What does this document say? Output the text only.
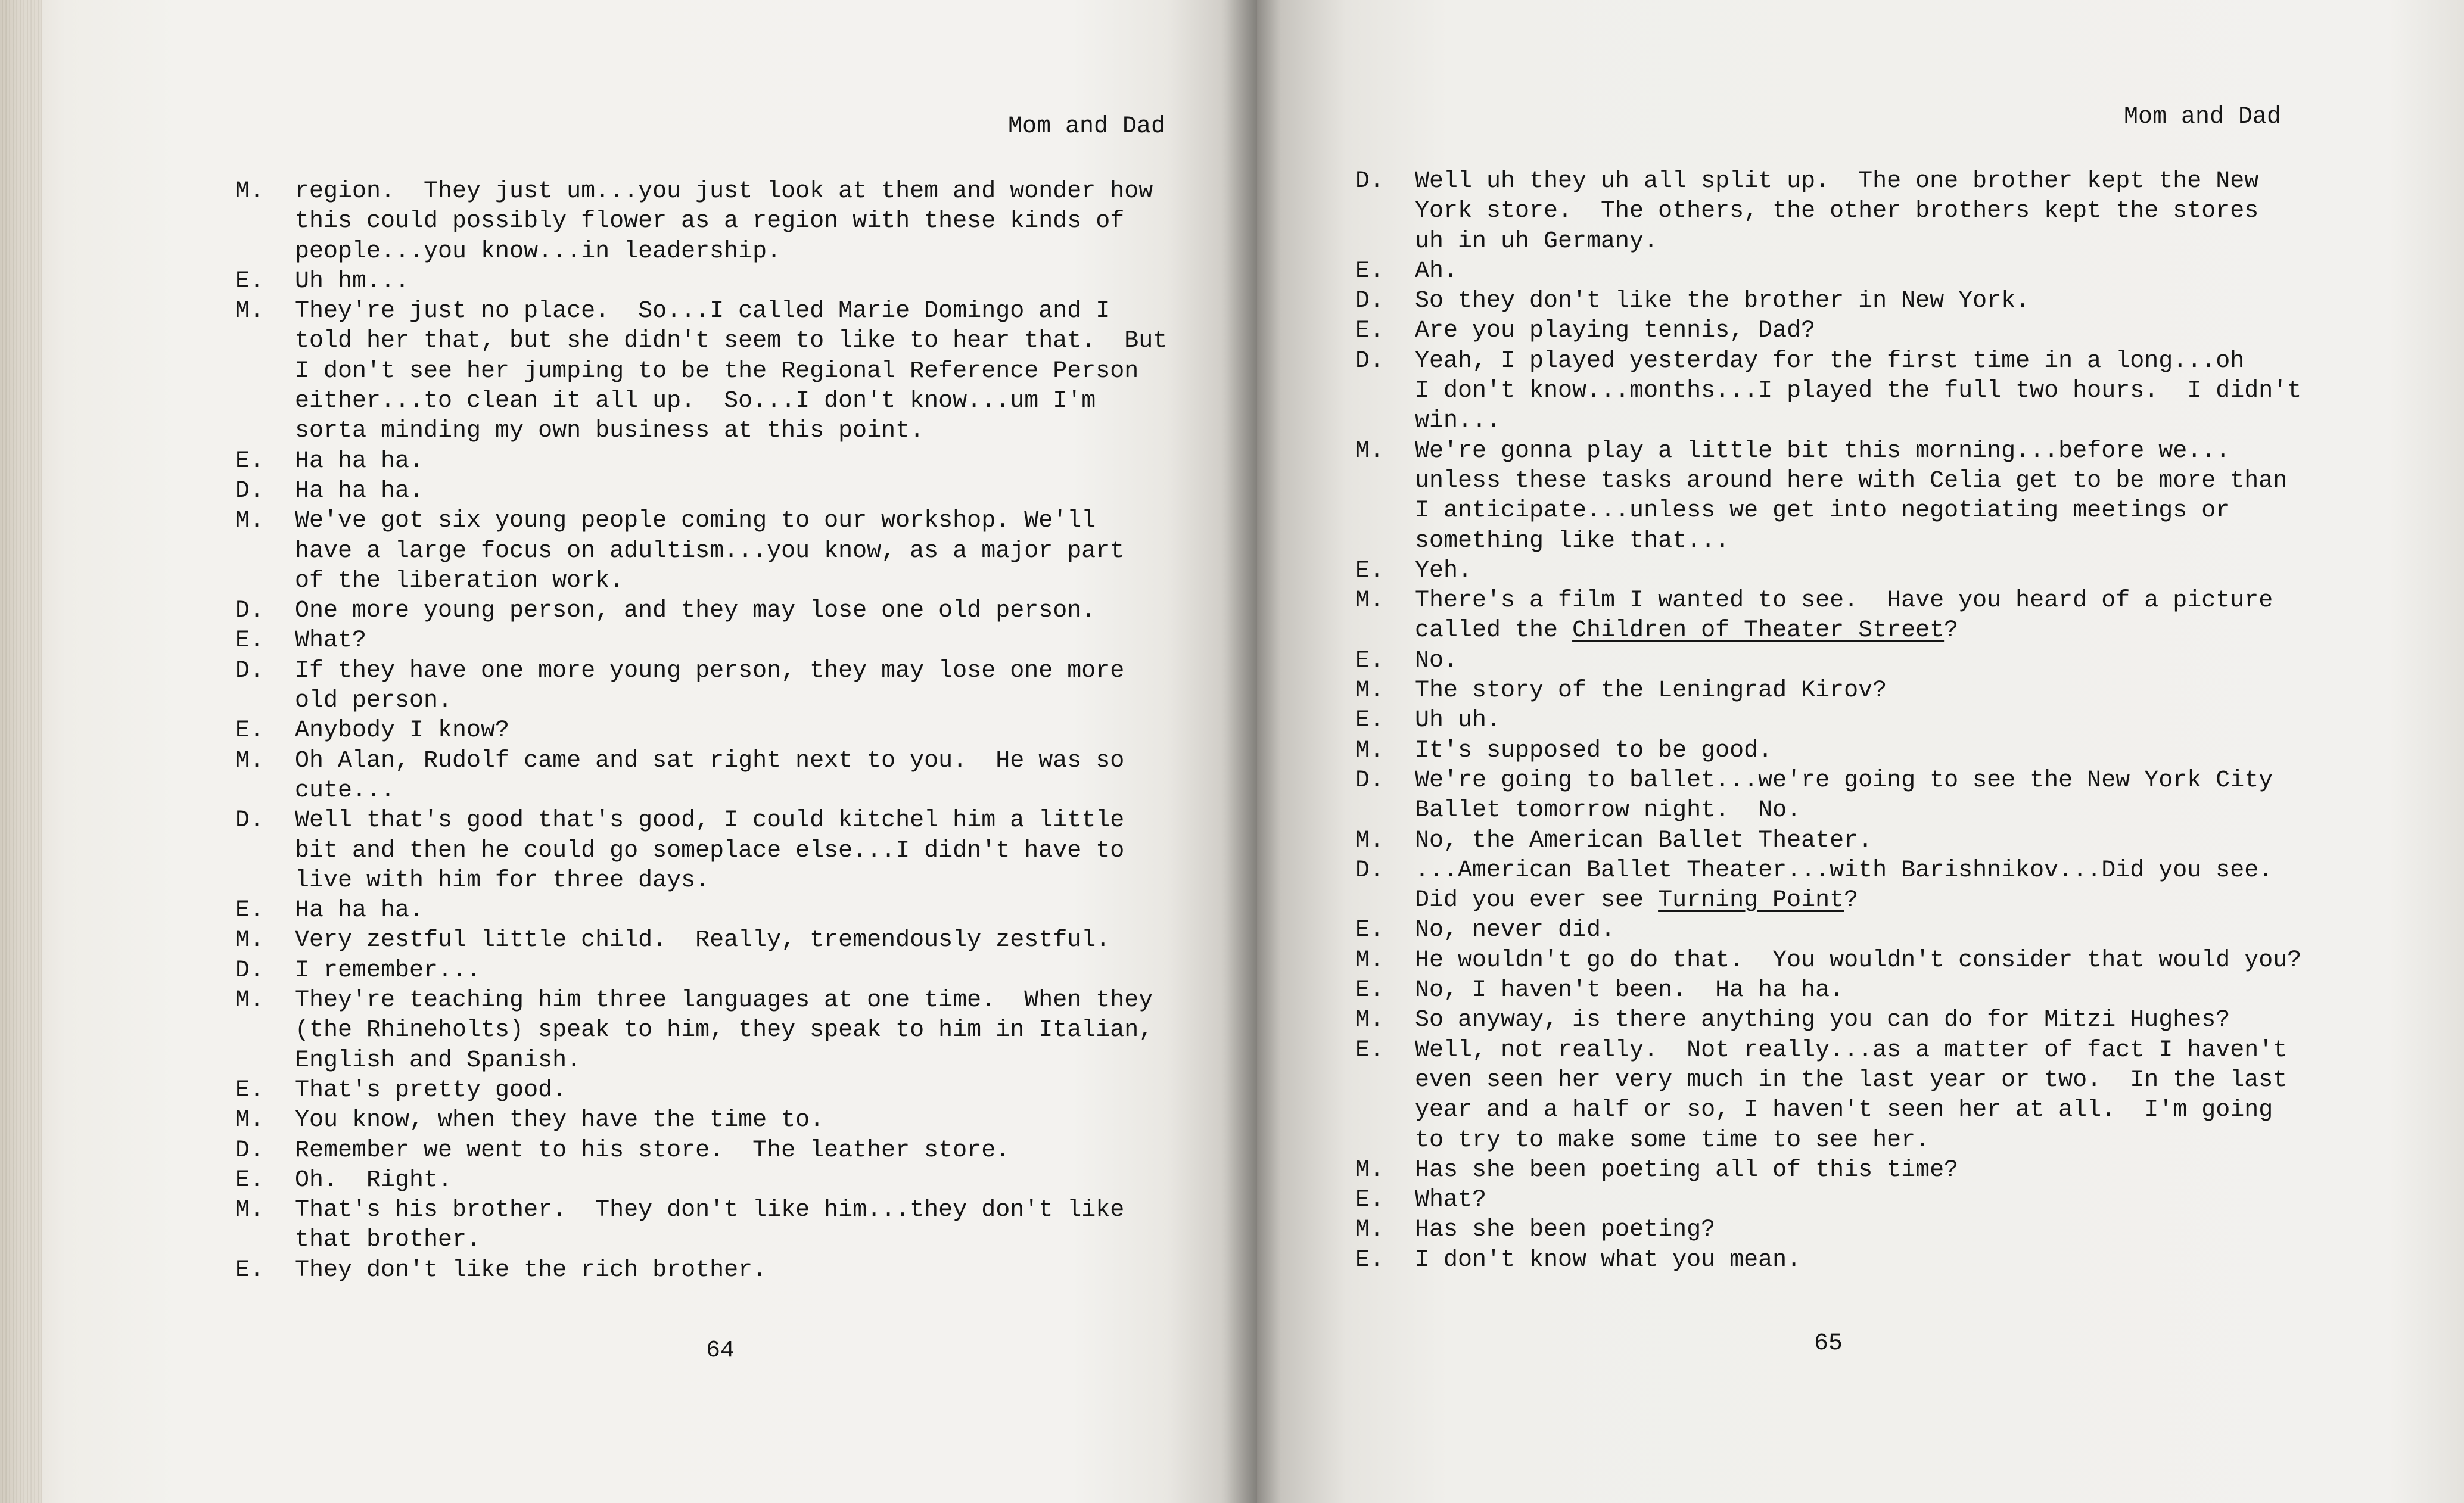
Mom and Dad
M. region.  They just um...you just look at them and wonder how
this could possibly flower as a region with these kinds of
people...you know...in leadership.
E. Uh hm...
M. They're just no place.  So...I called Marie Domingo and I
told her that, but she didn't seem to like to hear that.  But
I don't see her jumping to be the Regional Reference Person
either...to clean it all up.  So...I don't know...um I'm
sorta minding my own business at this point.
E. Ha ha ha.
D. Ha ha ha.
M. We've got six young people coming to our workshop. We'll
have a large focus on adultism...you know, as a major part
of the liberation work.
D. One more young person, and they may lose one old person.
E. What?
D. If they have one more young person, they may lose one more
old person.
E. Anybody I know?
M. Oh Alan, Rudolf came and sat right next to you.  He was so
cute...
D. Well that's good that's good, I could kitchel him a little
bit and then he could go someplace else...I didn't have to
live with him for three days.
E. Ha ha ha.
M. Very zestful little child.  Really, tremendously zestful.
D. I remember...
M. They're teaching him three languages at one time.  When they
(the Rhineholts) speak to him, they speak to him in Italian,
English and Spanish.
E. That's pretty good.
M. You know, when they have the time to.
D. Remember we went to his store.  The leather store.
E. Oh.  Right.
M. That's his brother.  They don't like him...they don't like
that brother.
E. They don't like the rich brother.
64
Mom and Dad
D. Well uh they uh all split up.  The one brother kept the New
York store.  The others, the other brothers kept the stores
uh in uh Germany.
E. Ah.
D. So they don't like the brother in New York.
E. Are you playing tennis, Dad?
D. Yeah, I played yesterday for the first time in a long...oh
I don't know...months...I played the full two hours.  I didn't
win...
M. We're gonna play a little bit this morning...before we...
unless these tasks around here with Celia get to be more than
I anticipate...unless we get into negotiating meetings or
something like that...
E. Yeh.
M. There's a film I wanted to see.  Have you heard of a picture
called the Children of Theater Street?
E. No.
M. The story of the Leningrad Kirov?
E. Uh uh.
M. It's supposed to be good.
D. We're going to ballet...we're going to see the New York City
Ballet tomorrow night.  No.
M. No, the American Ballet Theater.
D. ...American Ballet Theater...with Barishnikov...Did you see.
Did you ever see Turning Point?
E. No, never did.
M. He wouldn't go do that.  You wouldn't consider that would you?
E. No, I haven't been.  Ha ha ha.
M. So anyway, is there anything you can do for Mitzi Hughes?
E. Well, not really.  Not really...as a matter of fact I haven't
even seen her very much in the last year or two.  In the last
year and a half or so, I haven't seen her at all.  I'm going
to try to make some time to see her.
M. Has she been poeting all of this time?
E. What?
M. Has she been poeting?
E. I don't know what you mean.
65
